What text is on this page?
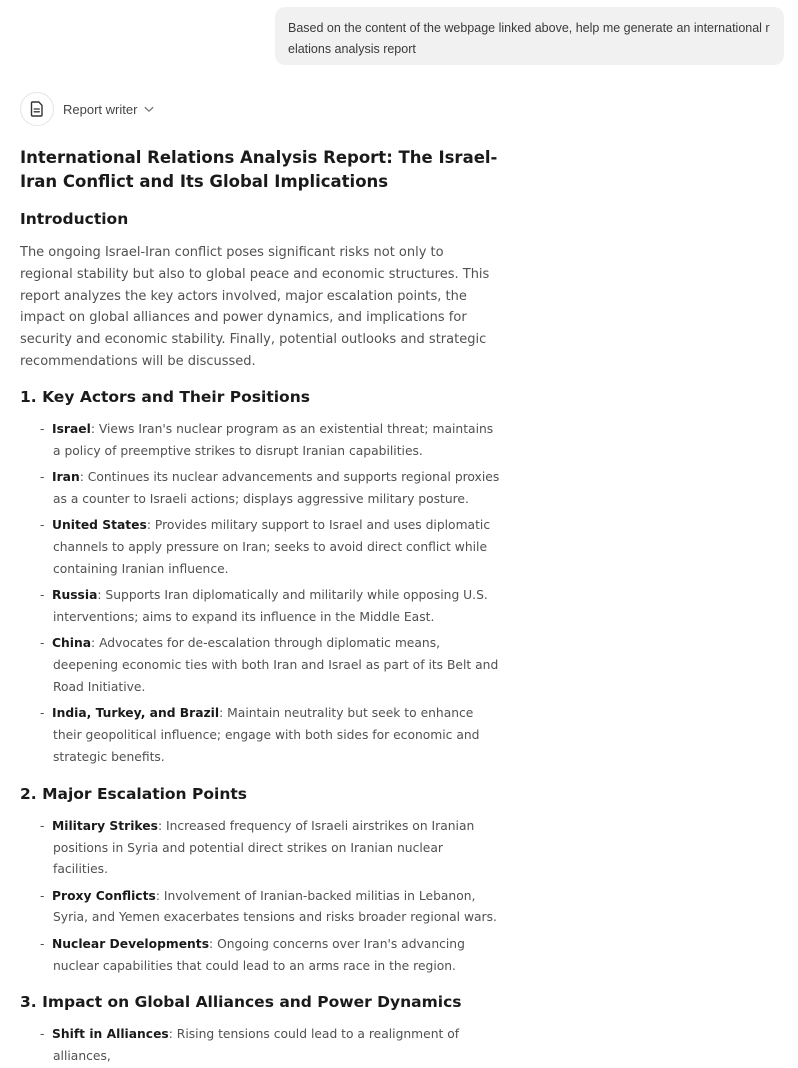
Based on the content of the webpage linked above, help me generate an international relations analysis report
Report writer
International Relations Analysis Report: The Israel-Iran Conflict and Its Global Implications
Introduction

The ongoing Israel-Iran conflict poses significant risks not only to regional stability but also to global peace and economic structures. This report analyzes the key actors involved, major escalation points, the impact on global alliances and power dynamics, and implications for security and economic stability. Finally, potential outlooks and strategic recommendations will be discussed.

1. Key Actors and Their Positions
- Israel: Views Iran's nuclear program as an existential threat; maintains a policy of preemptive strikes to disrupt Iranian capabilities.
- Iran: Continues its nuclear advancements and supports regional proxies as a counter to Israeli actions; displays aggressive military posture.
- United States: Provides military support to Israel and uses diplomatic channels to apply pressure on Iran; seeks to avoid direct conflict while containing Iranian influence.
- Russia: Supports Iran diplomatically and militarily while opposing U.S. interventions; aims to expand its influence in the Middle East.
- China: Advocates for de-escalation through diplomatic means, deepening economic ties with both Iran and Israel as part of its Belt and Road Initiative.
- India, Turkey, and Brazil: Maintain neutrality but seek to enhance their geopolitical influence; engage with both sides for economic and strategic benefits.
2. Major Escalation Points
- Military Strikes: Increased frequency of Israeli airstrikes on Iranian positions in Syria and potential direct strikes on Iranian nuclear facilities.
- Proxy Conflicts: Involvement of Iranian-backed militias in Lebanon, Syria, and Yemen exacerbates tensions and risks broader regional wars.
- Nuclear Developments: Ongoing concerns over Iran's advancing nuclear capabilities that could lead to an arms race in the region.
3. Impact on Global Alliances and Power Dynamics
- Shift in Alliances: Rising tensions could lead to a realignment of alliances,
